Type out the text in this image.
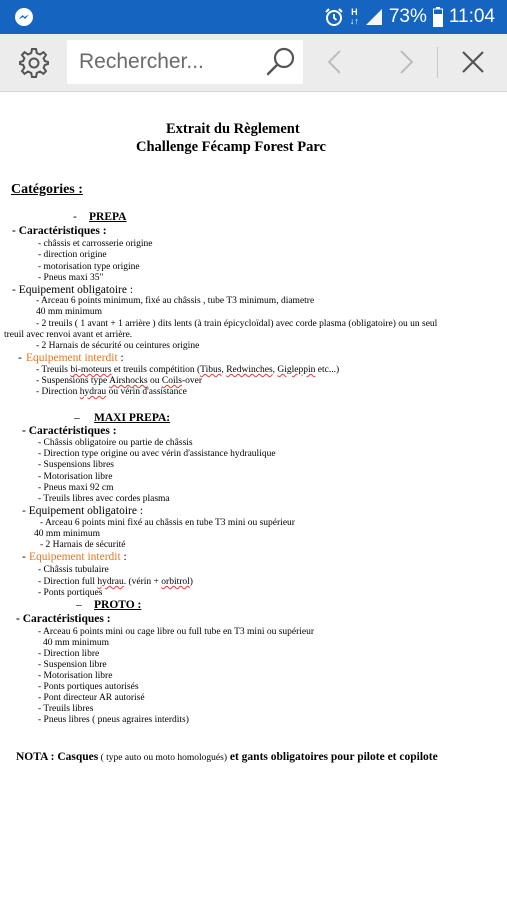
H
↓↑ 73% 11:04
Rechercher...
Extrait du Règlement
Challenge Fécamp Forest Parc
Catégories :
- PREPA
- Caractéristiques :
- châssis et carrosserie origine
- direction origine
- motorisation type origine
- Pneus maxi 35"
- Equipement obligatoire :
- Arceau 6 points minimum, fixé au châssis , tube T3 minimum, diametre
40 mm minimum
- 2 treuils ( 1 avant + 1 arrière ) dits lents (à train épicycloïdal) avec corde plasma (obligatoire) ou un seul
treuil avec renvoi avant et arrière.
- 2 Harnais de sécurité ou ceintures origine
- Equipement interdit :
- Treuils bi-moteurs et treuils compétition (Tibus, Redwinches, Gigleppin etc...)
- Suspensions type Airshocks ou Coils-over
- Direction hydrau ou vérin d'assistance
– MAXI PREPA:
- Caractéristiques :
- Châssis obligatoire ou partie de châssis
- Direction type origine ou avec vérin d'assistance hydraulique
- Suspensions libres
- Motorisation libre
- Pneus maxi 92 cm
- Treuils libres avec cordes plasma
- Equipement obligatoire :
- Arceau 6 points mini fixé au châssis en tube T3 mini ou supérieur
40 mm minimum
- 2 Harnais de sécurité
- Equipement interdit :
- Châssis tubulaire
- Direction full hydrau. (vérin + orbitrol)
- Ponts portiques
– PROTO :
- Caractéristiques :
- Arceau 6 points mini ou cage libre ou full tube en T3 mini ou supérieur
40 mm minimum
- Direction libre
- Suspension libre
- Motorisation libre
- Ponts portiques autorisés
- Pont directeur AR autorisé
- Treuils libres
- Pneus libres ( pneus agraires interdits)
NOTA : Casques ( type auto ou moto homologués) et gants obligatoires pour pilote et copilote
